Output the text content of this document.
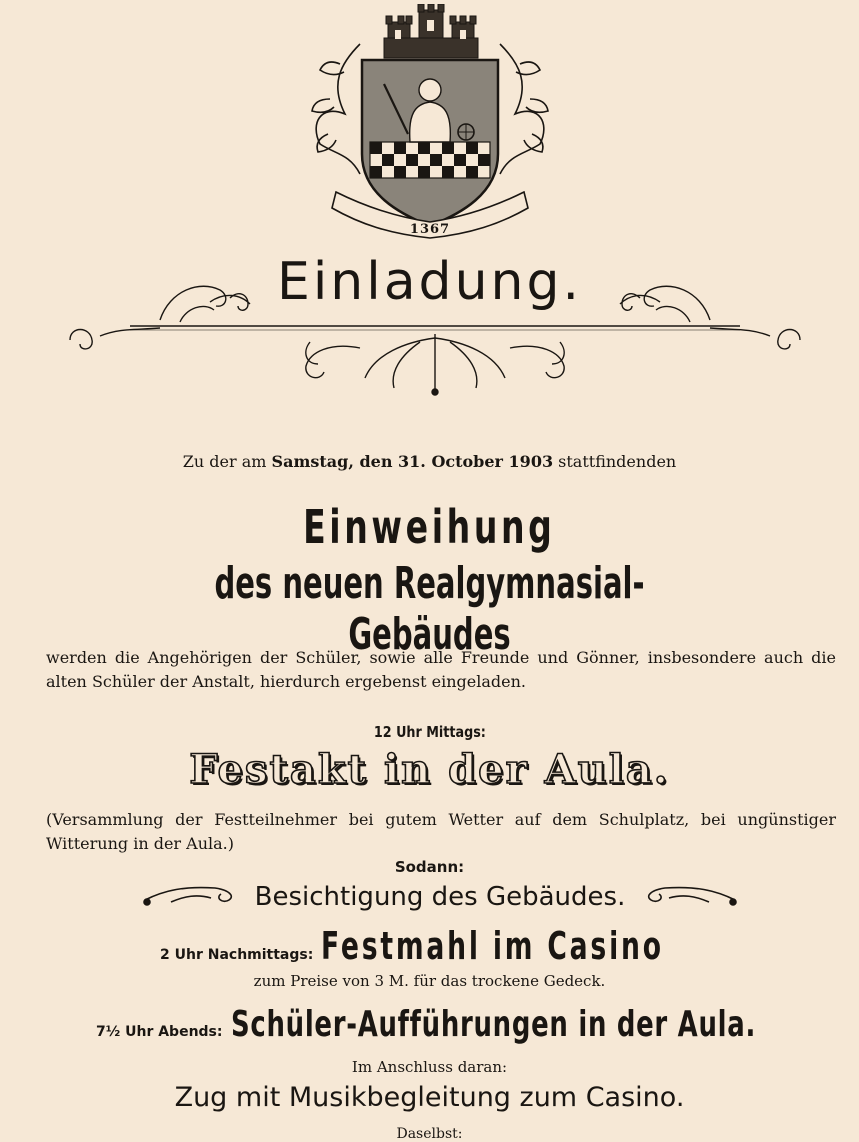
1367
Einladung.

Zu der am Samstag, den 31. October 1903 stattfindenden

Einweihung

des neuen Realgymnasial-Gebäudes

werden die Angehörigen der Schüler, sowie alle Freunde und Gönner, insbesondere auch die alten Schüler der Anstalt, hierdurch ergebenst eingeladen.

12 Uhr Mittags:

Festakt in der Aula.

(Versammlung der Festteilnehmer bei gutem Wetter auf dem Schulplatz, bei ungünstiger Witterung in der Aula.)

Sodann:

Besichtigung des Gebäudes.
2 Uhr Nachmittags: Festmahl im Casino

zum Preise von 3 M. für das trockene Gedeck.

7½ Uhr Abends: Schüler-Aufführungen in der Aula.

Im Anschluss daran:

Zug mit Musikbegleitung zum Casino.

Daselbst:
